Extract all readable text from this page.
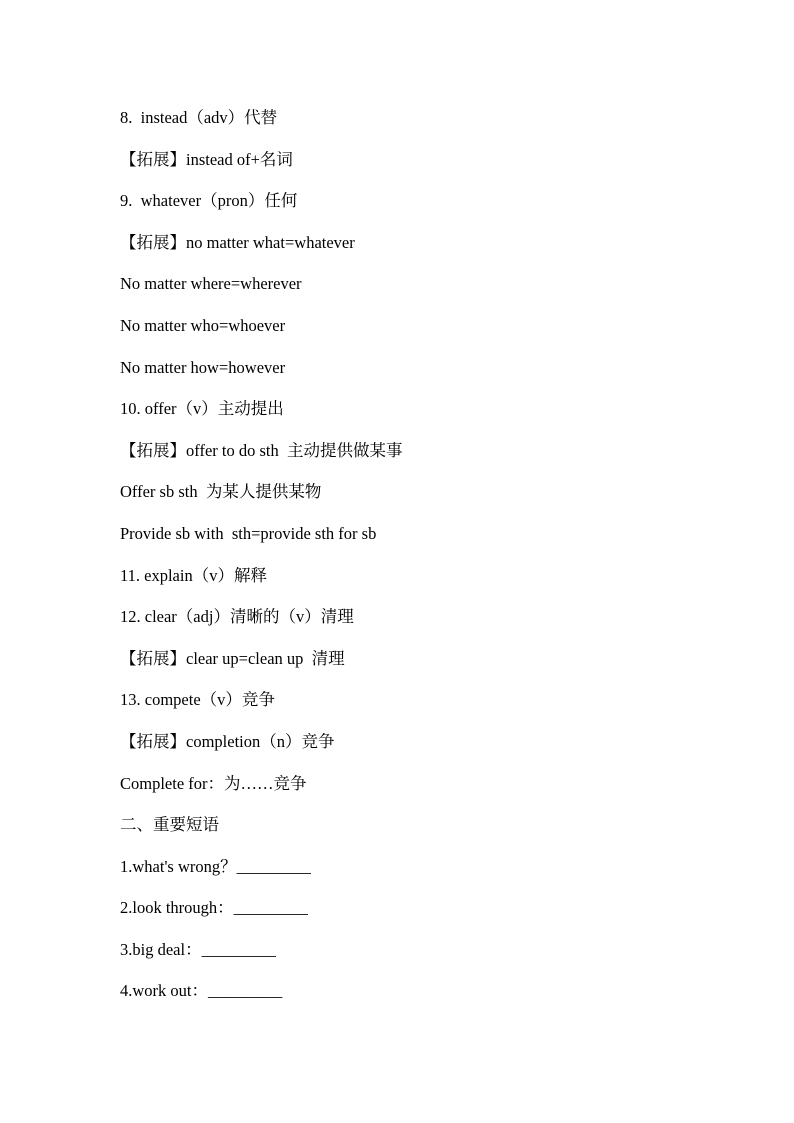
8.  instead（adv）代替
【拓展】instead of+名词
9.  whatever（pron）任何
【拓展】no matter what=whatever
No matter where=wherever
No matter who=whoever
No matter how=however
10. offer（v）主动提出
【拓展】offer to do sth  主动提供做某事
Offer sb sth  为某人提供某物
Provide sb with  sth=provide sth for sb
11. explain（v）解释
12. clear（adj）清晰的（v）清理
【拓展】clear up=clean up  清理
13. compete（v）竞争
【拓展】completion（n）竞争
Complete for：为……竞争
二、重要短语
1.what's wrong？_________
2.look through：_________
3.big deal：_________
4.work out：_________
